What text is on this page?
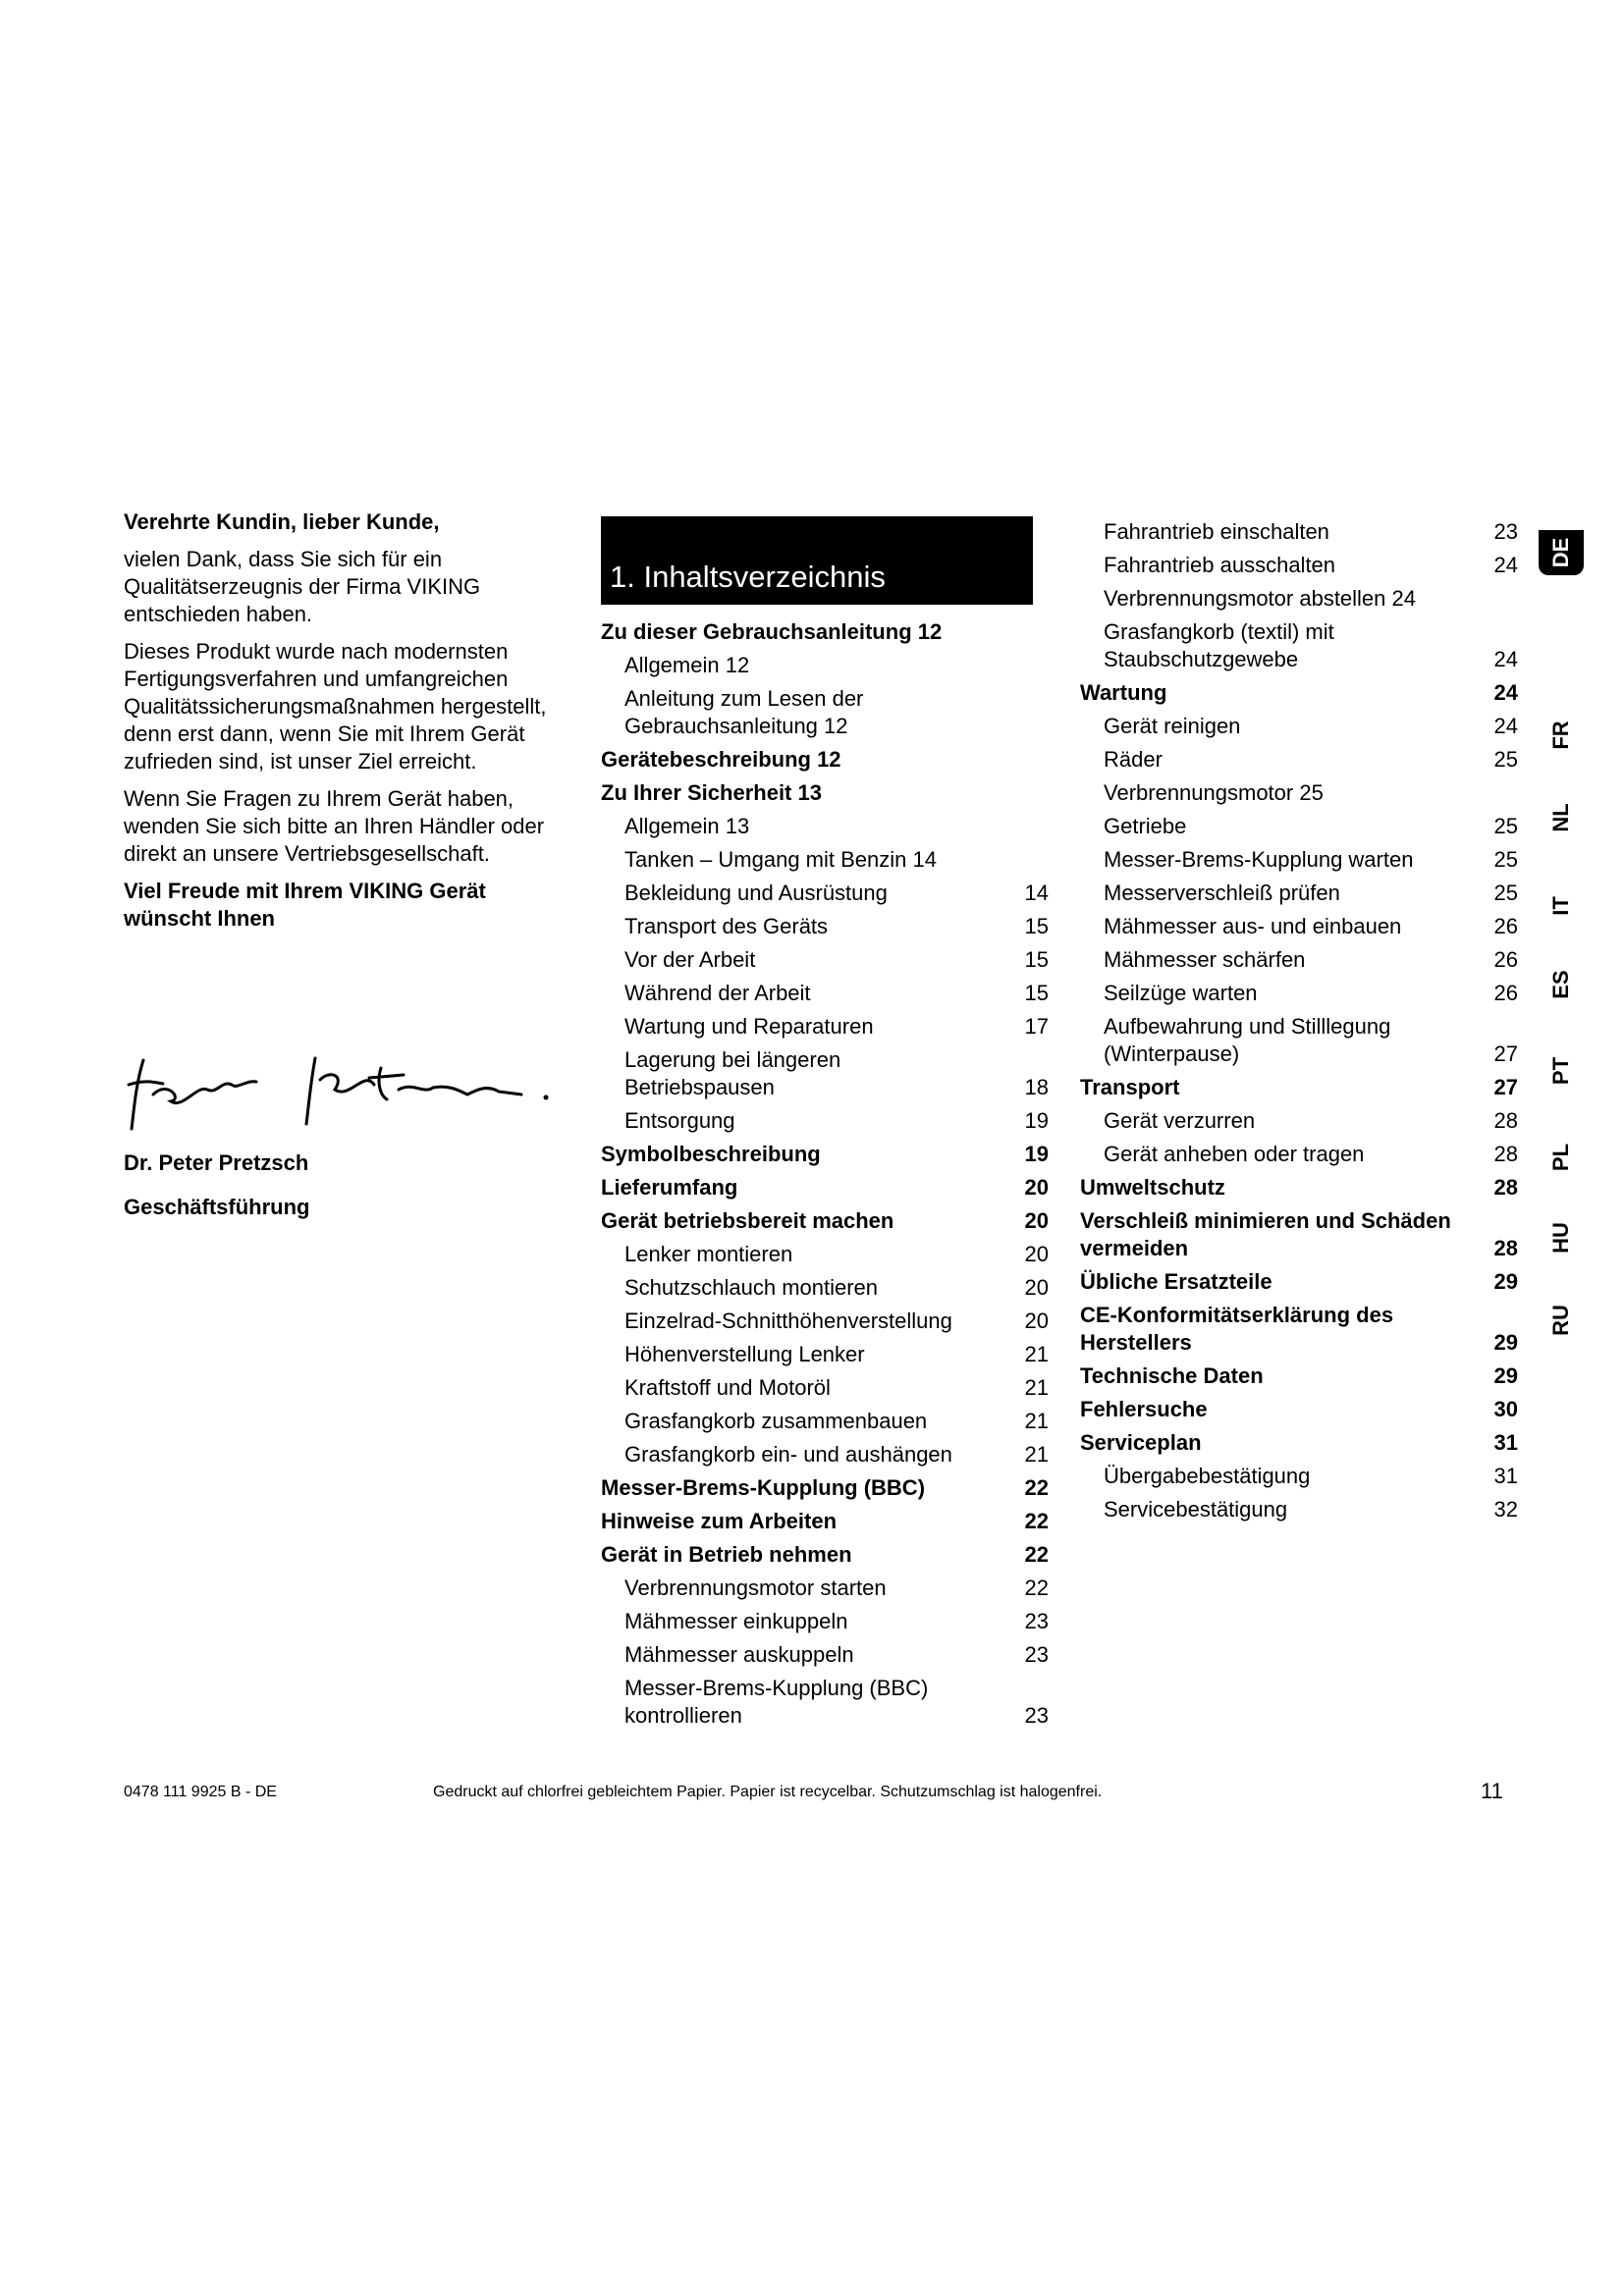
Verehrte Kundin, lieber Kunde,

vielen Dank, dass Sie sich für ein Qualitätserzeugnis der Firma VIKING entschieden haben.

Dieses Produkt wurde nach modernsten Fertigungsverfahren und umfangreichen Qualitätssicherungsmaßnahmen hergestellt, denn erst dann, wenn Sie mit Ihrem Gerät zufrieden sind, ist unser Ziel erreicht.

Wenn Sie Fragen zu Ihrem Gerät haben, wenden Sie sich bitte an Ihren Händler oder direkt an unsere Vertriebsgesellschaft.

Viel Freude mit Ihrem VIKING Gerät wünscht Ihnen

Dr. Peter Pretzsch
Geschäftsführung
1. Inhaltsverzeichnis
Zu dieser Gebrauchsanleitung 12
Allgemein 12
Anleitung zum Lesen der Gebrauchsanleitung 12
Gerätebeschreibung 12
Zu Ihrer Sicherheit 13
Allgemein 13
Tanken – Umgang mit Benzin 14
Bekleidung und Ausrüstung	14
Transport des Geräts	15
Vor der Arbeit	15
Während der Arbeit	15
Wartung und Reparaturen	17
Lagerung bei längeren Betriebspausen	18
Entsorgung	19
Symbolbeschreibung	19
Lieferumfang	20
Gerät betriebsbereit machen	20
Lenker montieren	20
Schutzschlauch montieren	20
Einzelrad-Schnitthöhenverstellung	20
Höhenverstellung Lenker	21
Kraftstoff und Motoröl	21
Grasfangkorb zusammenbauen	21
Grasfangkorb ein- und aushängen	21
Messer-Brems-Kupplung (BBC)	22
Hinweise zum Arbeiten	22
Gerät in Betrieb nehmen	22
Verbrennungsmotor starten	22
Mähmesser einkuppeln	23
Mähmesser auskuppeln	23
Messer-Brems-Kupplung (BBC) kontrollieren	23
Fahrantrieb einschalten	23
Fahrantrieb ausschalten	24
Verbrennungsmotor abstellen 24
Grasfangkorb (textil) mit Staubschutzgewebe	24
Wartung	24
Gerät reinigen	24
Räder	25
Verbrennungsmotor 25
Getriebe	25
Messer-Brems-Kupplung warten	25
Messerverschleiß prüfen	25
Mähmesser aus- und einbauen	26
Mähmesser schärfen	26
Seilzüge warten	26
Aufbewahrung und Stilllegung (Winterpause)	27
Transport	27
Gerät verzurren	28
Gerät anheben oder tragen	28
Umweltschutz	28
Verschleiß minimieren und Schäden vermeiden	28
Übliche Ersatzteile	29
CE-Konformitätserklärung des Herstellers	29
Technische Daten	29
Fehlersuche	30
Serviceplan	31
Übergabebestätigung	31
Servicebestätigung	32
DE
FR
NL
IT
ES
PT
PL
HU
RU
0478 111 9925 B - DE	Gedruckt auf chlorfrei gebleichtem Papier. Papier ist recycelbar. Schutzumschlag ist halogenfrei.	11
